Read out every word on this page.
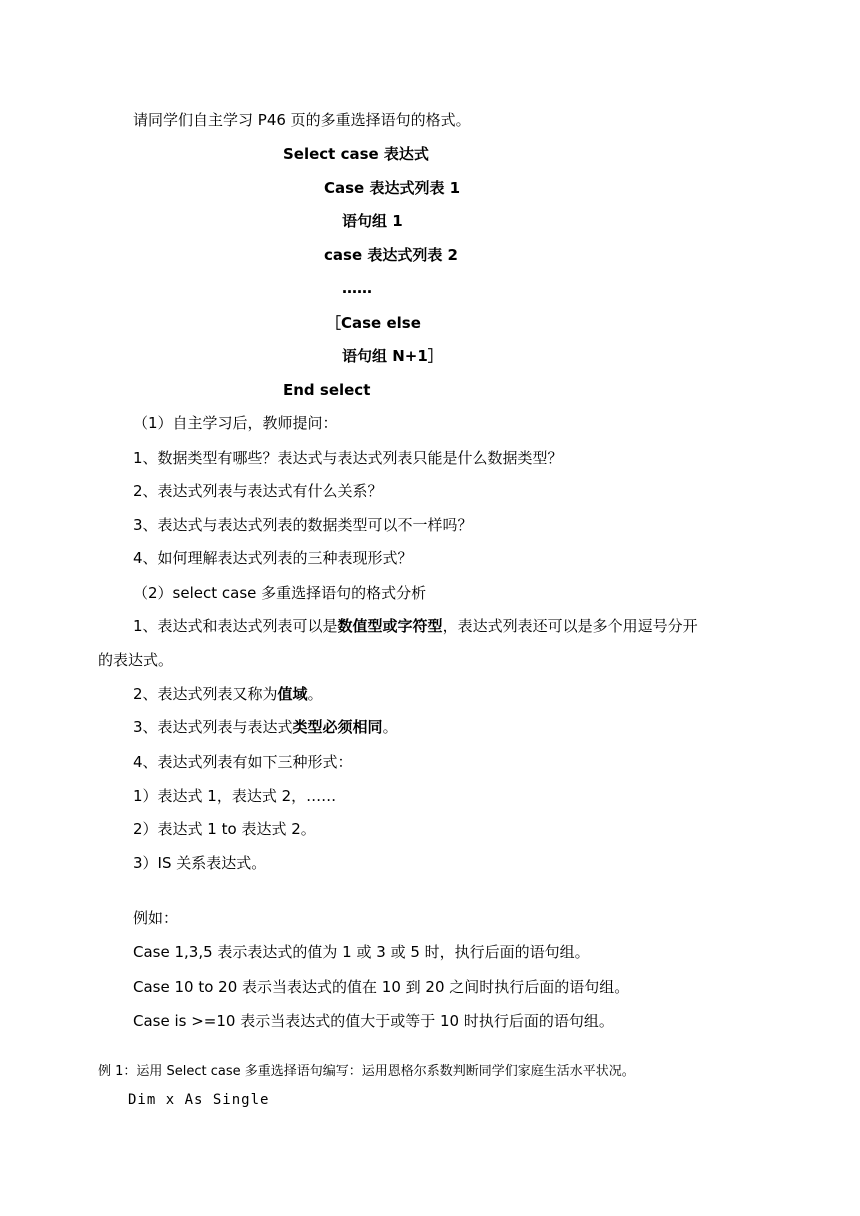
请同学们自主学习 P46 页的多重选择语句的格式。
Select case 表达式
Case 表达式列表 1
语句组 1
case 表达式列表 2
……
［Case else
语句组 N+1］
End select
（1）自主学习后，教师提问：
1、数据类型有哪些？表达式与表达式列表只能是什么数据类型？
2、表达式列表与表达式有什么关系？
3、表达式与表达式列表的数据类型可以不一样吗？
4、如何理解表达式列表的三种表现形式？
（2）select case 多重选择语句的格式分析
1、表达式和表达式列表可以是数值型或字符型，表达式列表还可以是多个用逗号分开
的表达式。
2、表达式列表又称为值域。
3、表达式列表与表达式类型必须相同。
4、表达式列表有如下三种形式：
1）表达式 1，表达式 2，……
2）表达式 1 to 表达式 2。
3）IS 关系表达式。
例如：
Case 1,3,5 表示表达式的值为 1 或 3 或 5 时，执行后面的语句组。
Case 10 to 20 表示当表达式的值在 10 到 20 之间时执行后面的语句组。
Case is >=10 表示当表达式的值大于或等于 10 时执行后面的语句组。
例 1：运用 Select case 多重选择语句编写：运用恩格尔系数判断同学们家庭生活水平状况。
Dim x As Single
